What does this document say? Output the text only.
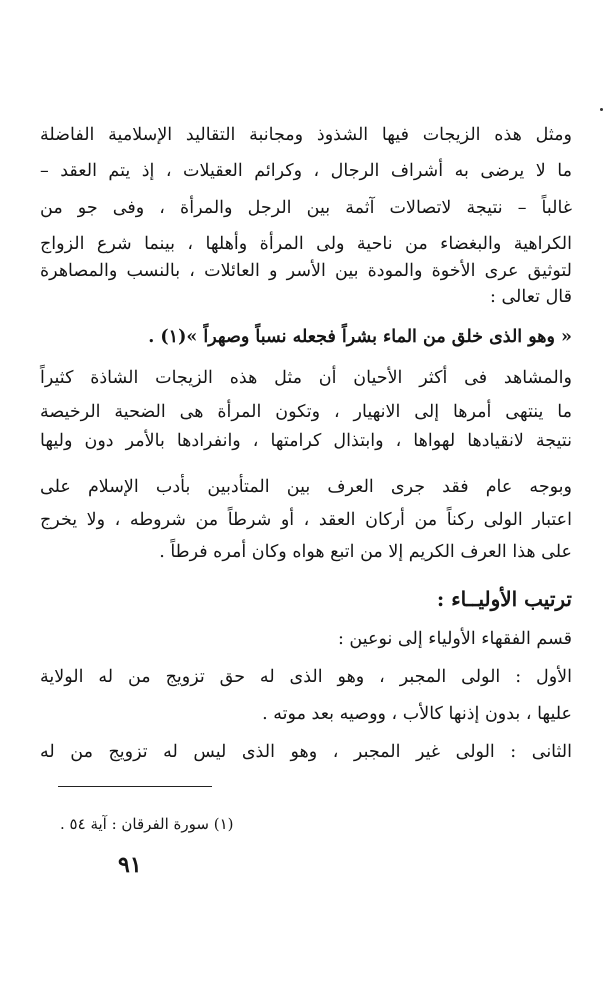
ومثل هذه الزيجات فيها الشذوذ ومجانبة التقاليد الإسلامية الفاضلة
ما لا يرضى به أشراف الرجال ، وكرائم العقيلات ، إذ يتم العقد –
غالباً – نتيجة لاتصالات آثمة بين الرجل والمرأة ، وفى جو من
الكراهية والبغضاء من ناحية ولى المرأة وأهلها ، بينما شرع الزواج
لتوثيق عرى الأخوة والمودة بين الأسر و العائلات ، بالنسب والمصاهرة
قال تعالى :
« وهو الذى خلق من الماء بشراً فجعله نسباً وصهراً »(١) .
والمشاهد فى أكثر الأحيان أن مثل هذه الزيجات الشاذة كثيراً
ما ينتهى أمرها إلى الانهيار ، وتكون المرأة هى الضحية الرخيصة
نتيجة لانقيادها لهواها ، وابتذال كرامتها ، وانفرادها بالأمر دون وليها
وبوجه عام فقد جرى العرف بين المتأدبين بأدب الإسلام على
اعتبار الولى ركناً من أركان العقد ، أو شرطاً من شروطه ، ولا يخرج
على هذا العرف الكريم إلا من اتبع هواه وكان أمره فرطاً .
ترتيب الأوليــاء :
قسم الفقهاء الأولياء إلى نوعين :
الأول : الولى المجبر ، وهو الذى له حق تزويج من له الولاية
عليها ، بدون إذنها كالأب ، ووصيه بعد موته .
الثانى : الولى غير المجبر ، وهو الذى ليس له تزويج من له
(١) سورة الفرقان : آية ٥٤ .
٩١
